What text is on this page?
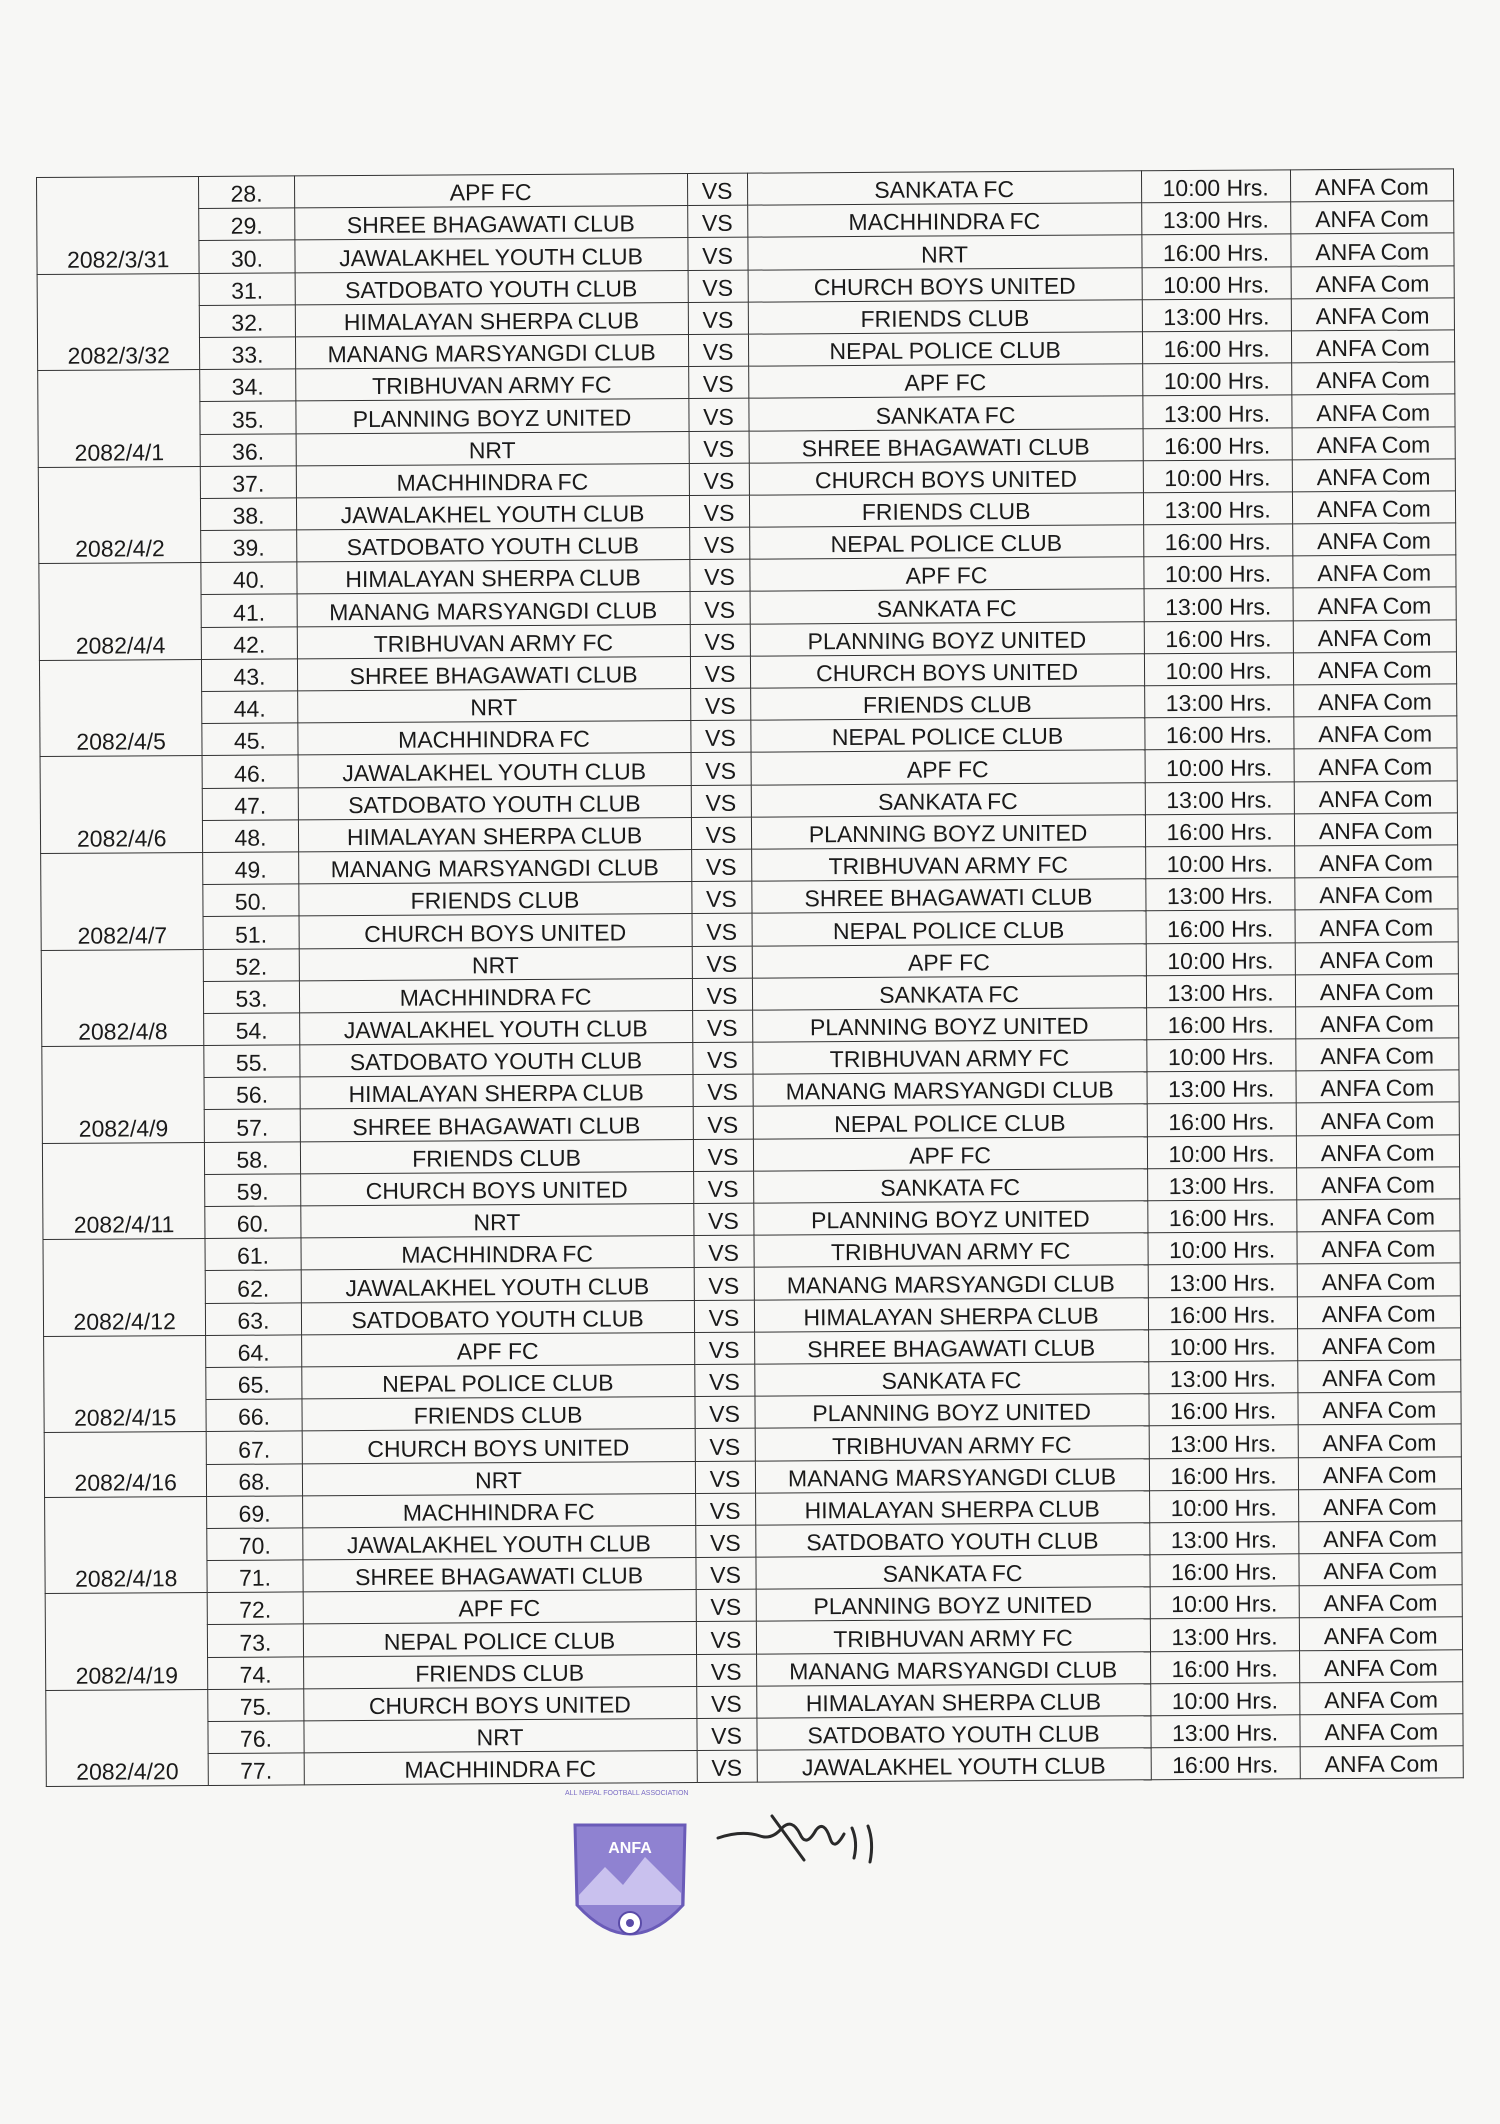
2082/3/31	28.	APF FC	VS	SANKATA FC	10:00 Hrs.	ANFA Com
	29.	SHREE BHAGAWATI CLUB	VS	MACHHINDRA FC	13:00 Hrs.	ANFA Com
	30.	JAWALAKHEL YOUTH CLUB	VS	NRT	16:00 Hrs.	ANFA Com
2082/3/32	31.	SATDOBATO YOUTH CLUB	VS	CHURCH BOYS UNITED	10:00 Hrs.	ANFA Com
	32.	HIMALAYAN SHERPA CLUB	VS	FRIENDS CLUB	13:00 Hrs.	ANFA Com
	33.	MANANG MARSYANGDI CLUB	VS	NEPAL POLICE CLUB	16:00 Hrs.	ANFA Com
2082/4/1	34.	TRIBHUVAN ARMY FC	VS	APF FC	10:00 Hrs.	ANFA Com
	35.	PLANNING BOYZ UNITED	VS	SANKATA FC	13:00 Hrs.	ANFA Com
	36.	NRT	VS	SHREE BHAGAWATI CLUB	16:00 Hrs.	ANFA Com
2082/4/2	37.	MACHHINDRA FC	VS	CHURCH BOYS UNITED	10:00 Hrs.	ANFA Com
	38.	JAWALAKHEL YOUTH CLUB	VS	FRIENDS CLUB	13:00 Hrs.	ANFA Com
	39.	SATDOBATO YOUTH CLUB	VS	NEPAL POLICE CLUB	16:00 Hrs.	ANFA Com
2082/4/4	40.	HIMALAYAN SHERPA CLUB	VS	APF FC	10:00 Hrs.	ANFA Com
	41.	MANANG MARSYANGDI CLUB	VS	SANKATA FC	13:00 Hrs.	ANFA Com
	42.	TRIBHUVAN ARMY FC	VS	PLANNING BOYZ UNITED	16:00 Hrs.	ANFA Com
2082/4/5	43.	SHREE BHAGAWATI CLUB	VS	CHURCH BOYS UNITED	10:00 Hrs.	ANFA Com
	44.	NRT	VS	FRIENDS CLUB	13:00 Hrs.	ANFA Com
	45.	MACHHINDRA FC	VS	NEPAL POLICE CLUB	16:00 Hrs.	ANFA Com
2082/4/6	46.	JAWALAKHEL YOUTH CLUB	VS	APF FC	10:00 Hrs.	ANFA Com
	47.	SATDOBATO YOUTH CLUB	VS	SANKATA FC	13:00 Hrs.	ANFA Com
	48.	HIMALAYAN SHERPA CLUB	VS	PLANNING BOYZ UNITED	16:00 Hrs.	ANFA Com
2082/4/7	49.	MANANG MARSYANGDI CLUB	VS	TRIBHUVAN ARMY FC	10:00 Hrs.	ANFA Com
	50.	FRIENDS CLUB	VS	SHREE BHAGAWATI CLUB	13:00 Hrs.	ANFA Com
	51.	CHURCH BOYS UNITED	VS	NEPAL POLICE CLUB	16:00 Hrs.	ANFA Com
2082/4/8	52.	NRT	VS	APF FC	10:00 Hrs.	ANFA Com
	53.	MACHHINDRA FC	VS	SANKATA FC	13:00 Hrs.	ANFA Com
	54.	JAWALAKHEL YOUTH CLUB	VS	PLANNING BOYZ UNITED	16:00 Hrs.	ANFA Com
2082/4/9	55.	SATDOBATO YOUTH CLUB	VS	TRIBHUVAN ARMY FC	10:00 Hrs.	ANFA Com
	56.	HIMALAYAN SHERPA CLUB	VS	MANANG MARSYANGDI CLUB	13:00 Hrs.	ANFA Com
	57.	SHREE BHAGAWATI CLUB	VS	NEPAL POLICE CLUB	16:00 Hrs.	ANFA Com
2082/4/11	58.	FRIENDS CLUB	VS	APF FC	10:00 Hrs.	ANFA Com
	59.	CHURCH BOYS UNITED	VS	SANKATA FC	13:00 Hrs.	ANFA Com
	60.	NRT	VS	PLANNING BOYZ UNITED	16:00 Hrs.	ANFA Com
2082/4/12	61.	MACHHINDRA FC	VS	TRIBHUVAN ARMY FC	10:00 Hrs.	ANFA Com
	62.	JAWALAKHEL YOUTH CLUB	VS	MANANG MARSYANGDI CLUB	13:00 Hrs.	ANFA Com
	63.	SATDOBATO YOUTH CLUB	VS	HIMALAYAN SHERPA CLUB	16:00 Hrs.	ANFA Com
2082/4/15	64.	APF FC	VS	SHREE BHAGAWATI CLUB	10:00 Hrs.	ANFA Com
	65.	NEPAL POLICE CLUB	VS	SANKATA FC	13:00 Hrs.	ANFA Com
	66.	FRIENDS CLUB	VS	PLANNING BOYZ UNITED	16:00 Hrs.	ANFA Com
2082/4/16	67.	CHURCH BOYS UNITED	VS	TRIBHUVAN ARMY FC	13:00 Hrs.	ANFA Com
	68.	NRT	VS	MANANG MARSYANGDI CLUB	16:00 Hrs.	ANFA Com
2082/4/18	69.	MACHHINDRA FC	VS	HIMALAYAN SHERPA CLUB	10:00 Hrs.	ANFA Com
	70.	JAWALAKHEL YOUTH CLUB	VS	SATDOBATO YOUTH CLUB	13:00 Hrs.	ANFA Com
	71.	SHREE BHAGAWATI CLUB	VS	SANKATA FC	16:00 Hrs.	ANFA Com
2082/4/19	72.	APF FC	VS	PLANNING BOYZ UNITED	10:00 Hrs.	ANFA Com
	73.	NEPAL POLICE CLUB	VS	TRIBHUVAN ARMY FC	13:00 Hrs.	ANFA Com
	74.	FRIENDS CLUB	VS	MANANG MARSYANGDI CLUB	16:00 Hrs.	ANFA Com
2082/4/20	75.	CHURCH BOYS UNITED	VS	HIMALAYAN SHERPA CLUB	10:00 Hrs.	ANFA Com
	76.	NRT	VS	SATDOBATO YOUTH CLUB	13:00 Hrs.	ANFA Com
	77.	MACHHINDRA FC	VS	JAWALAKHEL YOUTH CLUB	16:00 Hrs.	ANFA Com
ALL NEPAL FOOTBALL ASSOCIATION
ANFA
